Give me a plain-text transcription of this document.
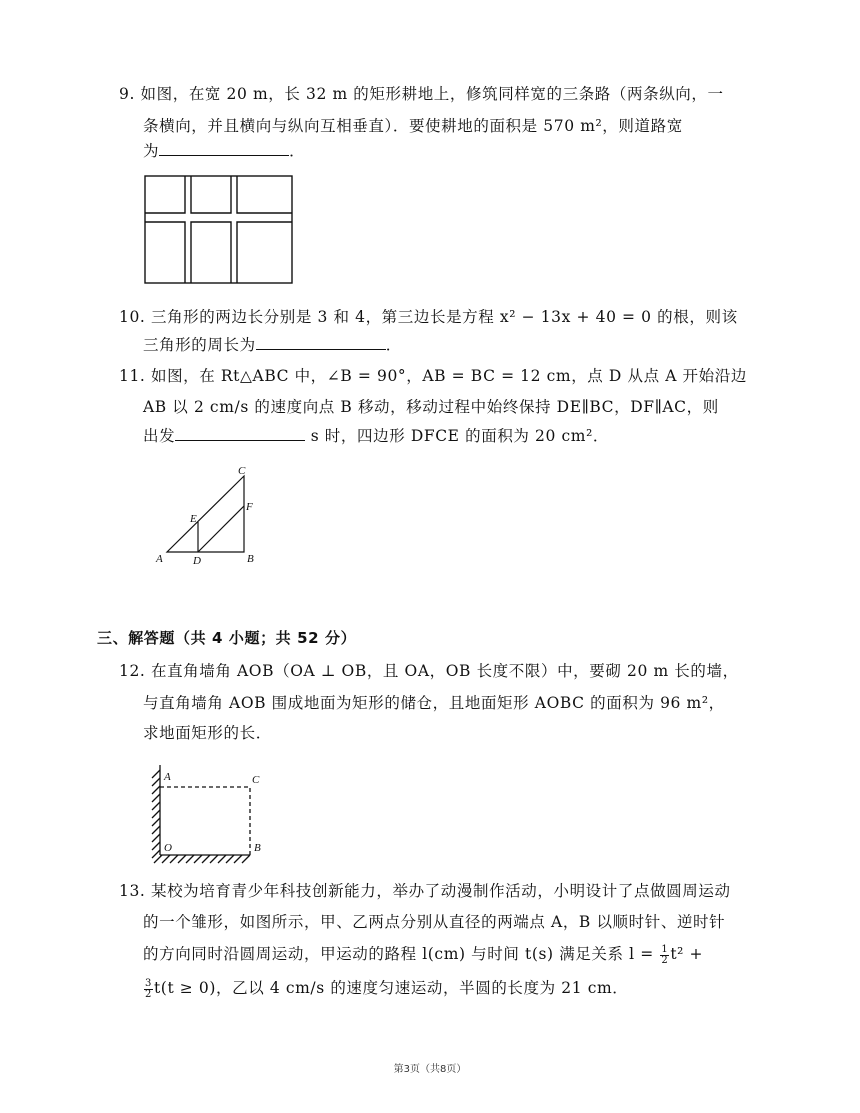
9. 如图，在宽 20 m，长 32 m 的矩形耕地上，修筑同样宽的三条路（两条纵向，一
条横向，并且横向与纵向互相垂直）．要使耕地的面积是 570 m²，则道路宽
为	．
10. 三角形的两边长分别是 3 和 4，第三边长是方程 x² − 13x + 40 = 0 的根，则该
三角形的周长为	．
11. 如图，在 Rt△ABC 中，∠B = 90°，AB = BC = 12 cm，点 D 从点 A 开始沿边
AB 以 2 cm/s 的速度向点 B 移动，移动过程中始终保持 DE∥BC，DF∥AC，则
出发	s 时，四边形 DFCE 的面积为 20 cm²．
C
F
E
A	D	B
三、解答题（共 4 小题；共 52 分）
12. 在直角墙角 AOB（OA ⊥ OB，且 OA，OB 长度不限）中，要砌 20 m 长的墙，
与直角墙角 AOB 围成地面为矩形的储仓，且地面矩形 AOBC 的面积为 96 m²，
求地面矩形的长．
A	C
O	B
13. 某校为培育青少年科技创新能力，举办了动漫制作活动，小明设计了点做圆周运动
的一个雏形，如图所示，甲、乙两点分别从直径的两端点 A，B 以顺时针、逆时针
的方向同时沿圆周运动，甲运动的路程 l(cm) 与时间 t(s) 满足关系 $l = \frac{1}{2} t^2$ +
$\frac{3}{2} t(t \ge 0)$，乙以 4 cm/s 的速度匀速运动，半圆的长度为 21 cm．
第3页（共8页）
